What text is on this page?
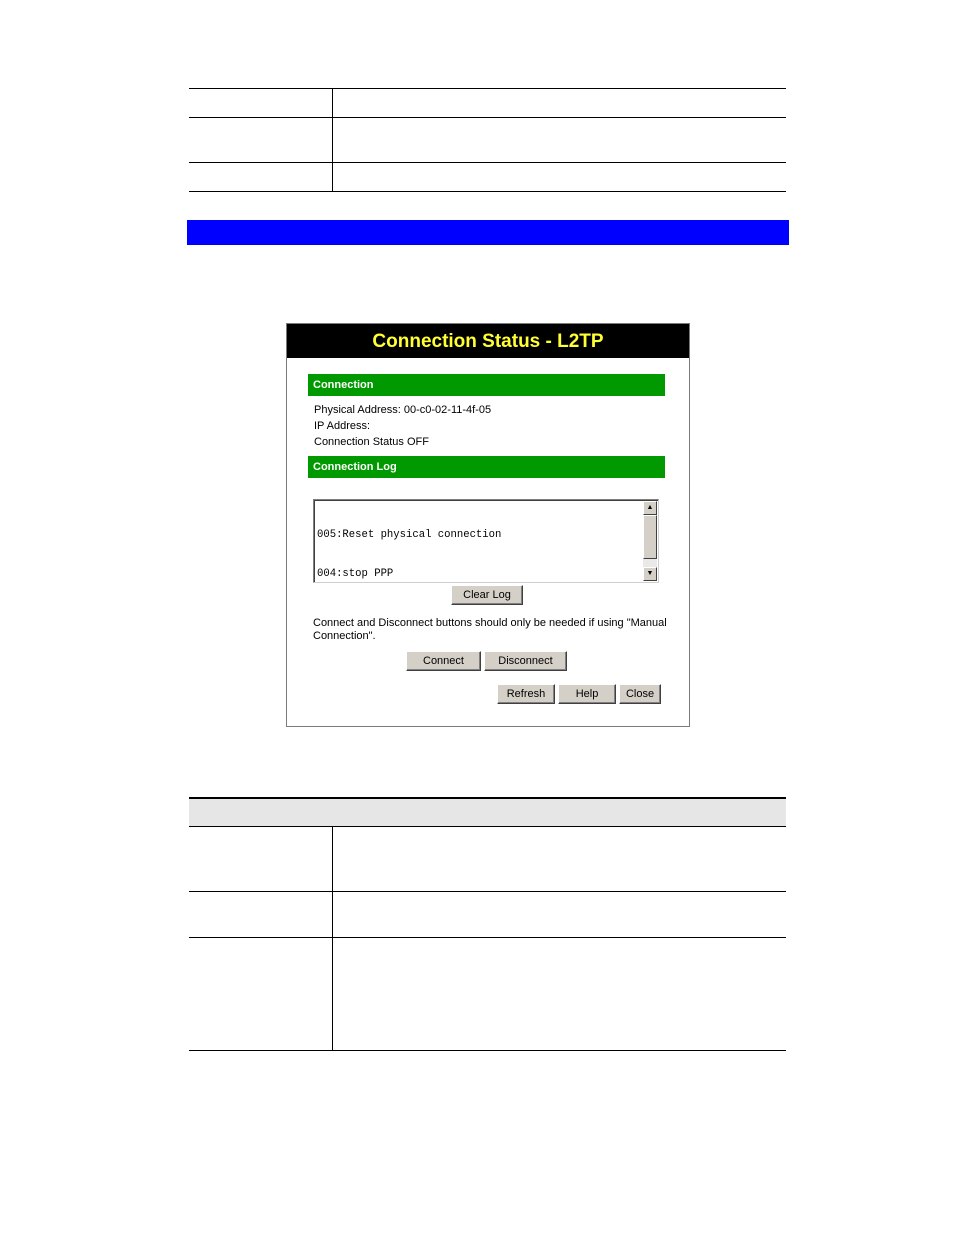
Connection Status - L2TP
Connection
Physical Address: 00-c0-02-11-4f-05
IP Address:
Connection Status OFF
Connection Log

005:Reset physical connection

004:stop PPP

▲
▼
Clear Log
Connect and Disconnect buttons should only be needed if using "Manual Connection".
Connect	Disconnect
Refresh	Help	Close
